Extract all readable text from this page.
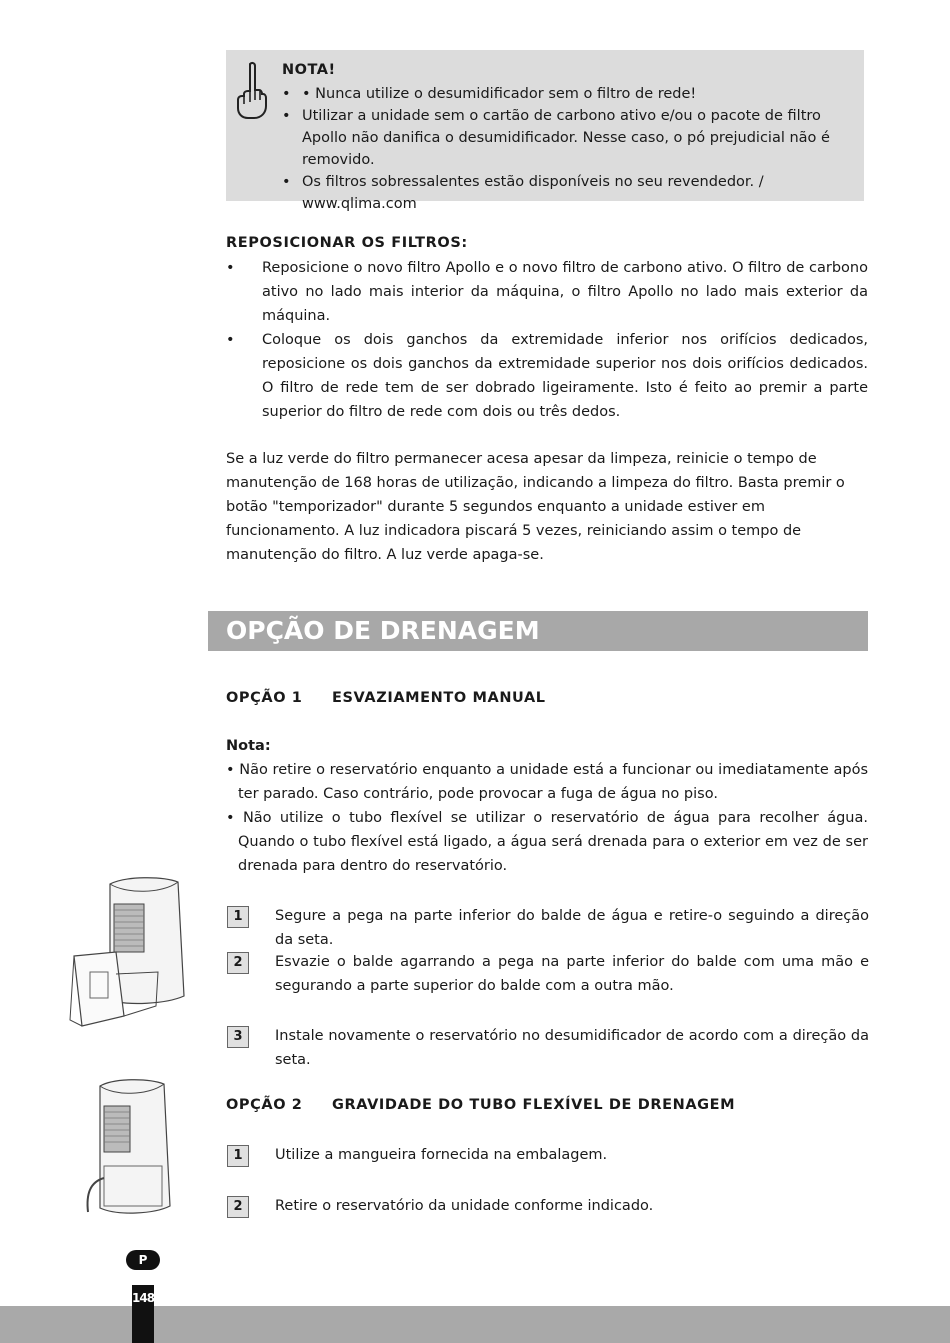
NOTA!
• • Nunca utilize o desumidificador sem o filtro de rede!
• Utilizar a unidade sem o cartão de carbono ativo e/ou o pacote de filtro Apollo não danifica o desumidificador. Nesse caso, o pó prejudicial não é removido.
• Os filtros sobressalentes estão disponíveis no seu revendedor. / www.qlima.com
REPOSICIONAR OS FILTROS:
• Reposicione o novo filtro Apollo e o novo filtro de carbono ativo. O filtro de carbono ativo no lado mais interior da máquina, o filtro Apollo no lado mais exterior da máquina.
• Coloque os dois ganchos da extremidade inferior nos orifícios dedicados, reposicione os dois ganchos da extremidade superior nos dois orifícios dedicados. O filtro de rede tem de ser dobrado ligeiramente. Isto é feito ao premir a parte superior do filtro de rede com dois ou três dedos.
Se a luz verde do filtro permanecer acesa apesar da limpeza, reinicie o tempo de manutenção de 168 horas de utilização, indicando a limpeza do filtro. Basta premir o botão "temporizador" durante 5 segundos enquanto a unidade estiver em funcionamento. A luz indicadora piscará 5 vezes, reiniciando assim o tempo de manutenção do filtro. A luz verde apaga-se.
OPÇÃO DE DRENAGEM
OPÇÃO 1 ESVAZIAMENTO MANUAL
Nota:
• Não retire o reservatório enquanto a unidade está a funcionar ou imediatamente após ter parado. Caso contrário, pode provocar a fuga de água no piso.
• Não utilize o tubo flexível se utilizar o reservatório de água para recolher água. Quando o tubo flexível está ligado, a água será drenada para o exterior em vez de ser drenada para dentro do reservatório.
1	Segure a pega na parte inferior do balde de água e retire-o seguindo a direção da seta.
2	Esvazie o balde agarrando a pega na parte inferior do balde com uma mão e segurando a parte superior do balde com a outra mão.
3	Instale novamente o reservatório no desumidificador de acordo com a direção da seta.
OPÇÃO 2 GRAVIDADE DO TUBO FLEXÍVEL DE DRENAGEM
1	Utilize a mangueira fornecida na embalagem.
2	Retire o reservatório da unidade conforme indicado.
P
148
